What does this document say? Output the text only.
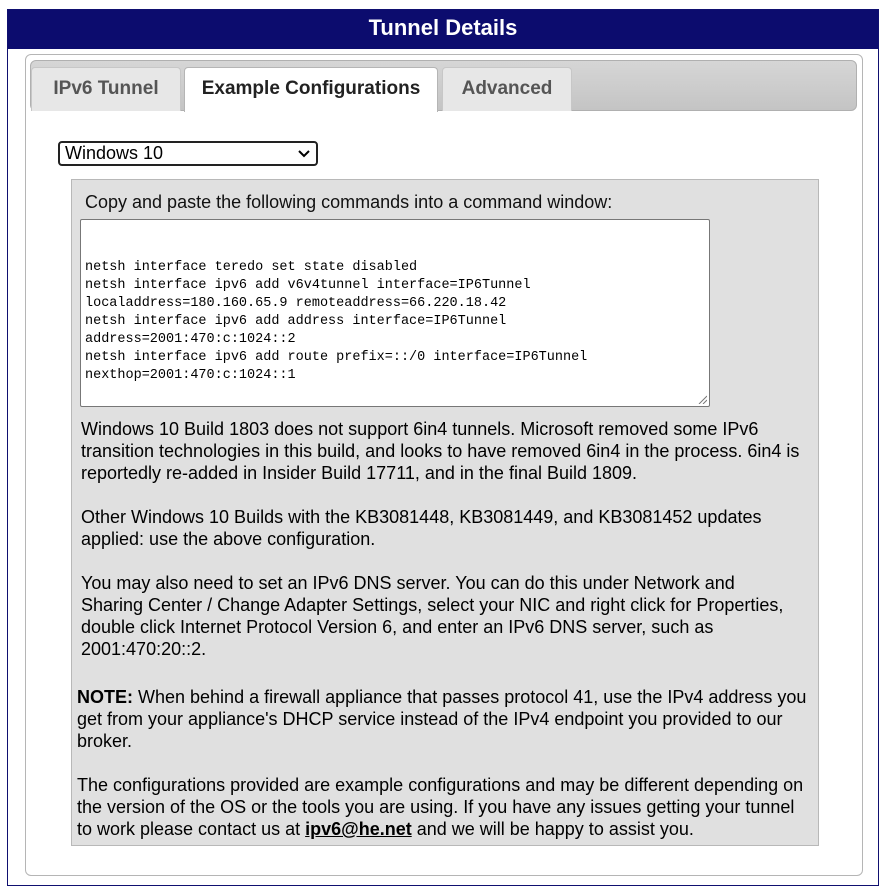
Tunnel Details
IPv6 Tunnel	Example Configurations	Advanced
Windows 10
Copy and paste the following commands into a command window:

netsh interface teredo set state disabled
netsh interface ipv6 add v6v4tunnel interface=IP6Tunnel
localaddress=180.160.65.9 remoteaddress=66.220.18.42
netsh interface ipv6 add address interface=IP6Tunnel
address=2001:470:c:1024::2
netsh interface ipv6 add route prefix=::/0 interface=IP6Tunnel
nexthop=2001:470:c:1024::1

Windows 10 Build 1803 does not support 6in4 tunnels. Microsoft removed some IPv6 transition technologies in this build, and looks to have removed 6in4 in the process. 6in4 is reportedly re-added in Insider Build 17711, and in the final Build 1809.
Other Windows 10 Builds with the KB3081448, KB3081449, and KB3081452 updates applied: use the above configuration.
You may also need to set an IPv6 DNS server. You can do this under Network and Sharing Center / Change Adapter Settings, select your NIC and right click for Properties, double click Internet Protocol Version 6, and enter an IPv6 DNS server, such as 2001:470:20::2.
NOTE: When behind a firewall appliance that passes protocol 41, use the IPv4 address you get from your appliance's DHCP service instead of the IPv4 endpoint you provided to our broker.
The configurations provided are example configurations and may be different depending on the version of the OS or the tools you are using. If you have any issues getting your tunnel to work please contact us at ipv6@he.net and we will be happy to assist you.
